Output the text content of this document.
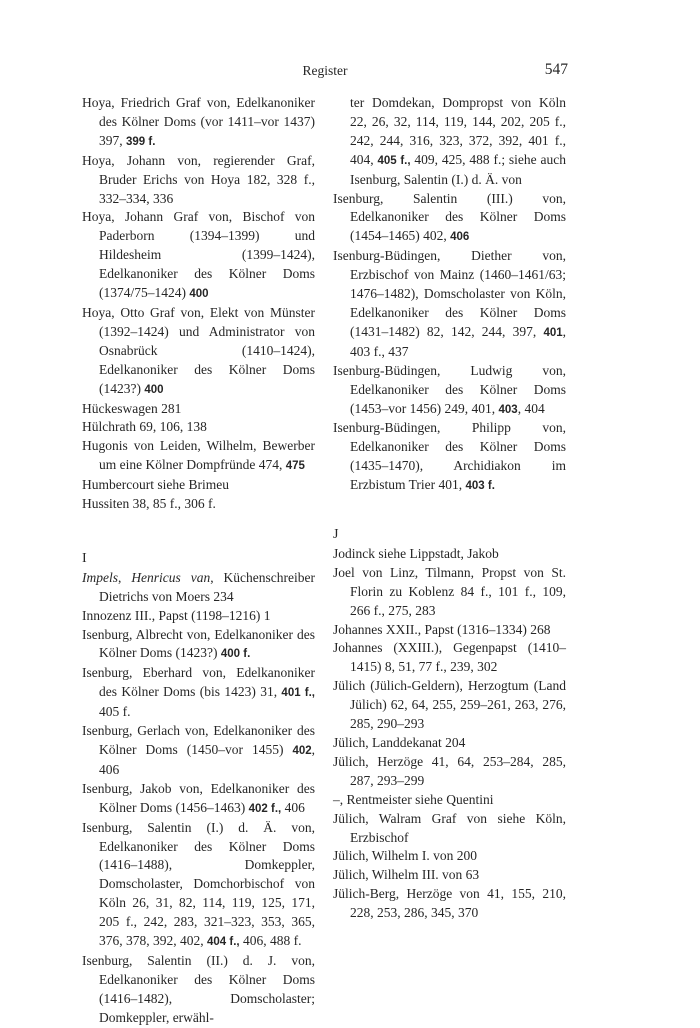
Register	547
Hoya, Friedrich Graf von, Edelkanoniker des Kölner Doms (vor 1411–vor 1437) 397, 399 f.
Hoya, Johann von, regierender Graf, Bruder Erichs von Hoya 182, 328 f., 332–334, 336
Hoya, Johann Graf von, Bischof von Paderborn (1394–1399) und Hildesheim (1399–1424), Edelkanoniker des Kölner Doms (1374/75–1424) 400
Hoya, Otto Graf von, Elekt von Münster (1392–1424) und Administrator von Osnabrück (1410–1424), Edelkanoniker des Kölner Doms (1423?) 400
Hückeswagen 281
Hülchrath 69, 106, 138
Hugonis von Leiden, Wilhelm, Bewerber um eine Kölner Dompfründe 474, 475
Humbercourt siehe Brimeu
Hussiten 38, 85 f., 306 f.
I
Impels, Henricus van, Küchenschreiber Dietrichs von Moers 234
Innozenz III., Papst (1198–1216) 1
Isenburg, Albrecht von, Edelkanoniker des Kölner Doms (1423?) 400 f.
Isenburg, Eberhard von, Edelkanoniker des Kölner Doms (bis 1423) 31, 401 f., 405 f.
Isenburg, Gerlach von, Edelkanoniker des Kölner Doms (1450–vor 1455) 402, 406
Isenburg, Jakob von, Edelkanoniker des Kölner Doms (1456–1463) 402 f., 406
Isenburg, Salentin (I.) d. Ä. von, Edelkanoniker des Kölner Doms (1416–1488), Domkeppler, Domscholaster, Domchorbischof von Köln 26, 31, 82, 114, 119, 125, 171, 205 f., 242, 283, 321–323, 353, 365, 376, 378, 392, 402, 404 f., 406, 488 f.
Isenburg, Salentin (II.) d. J. von, Edelkanoniker des Kölner Doms (1416–1482), Domscholaster; Domkeppler, erwähl-
ter Domdekan, Dompropst von Köln 22, 26, 32, 114, 119, 144, 202, 205 f., 242, 244, 316, 323, 372, 392, 401 f., 404, 405 f., 409, 425, 488 f.; siehe auch Isenburg, Salentin (I.) d. Ä. von
Isenburg, Salentin (III.) von, Edelkanoniker des Kölner Doms (1454–1465) 402, 406
Isenburg-Büdingen, Diether von, Erzbischof von Mainz (1460–1461/63; 1476–1482), Domscholaster von Köln, Edelkanoniker des Kölner Doms (1431–1482) 82, 142, 244, 397, 401, 403 f., 437
Isenburg-Büdingen, Ludwig von, Edelkanoniker des Kölner Doms (1453–vor 1456) 249, 401, 403, 404
Isenburg-Büdingen, Philipp von, Edelkanoniker des Kölner Doms (1435–1470), Archidiakon im Erzbistum Trier 401, 403 f.
J
Jodinck siehe Lippstadt, Jakob
Joel von Linz, Tilmann, Propst von St. Florin zu Koblenz 84 f., 101 f., 109, 266 f., 275, 283
Johannes XXII., Papst (1316–1334) 268
Johannes (XXIII.), Gegenpapst (1410–1415) 8, 51, 77 f., 239, 302
Jülich (Jülich-Geldern), Herzogtum (Land Jülich) 62, 64, 255, 259–261, 263, 276, 285, 290–293
Jülich, Landdekanat 204
Jülich, Herzöge 41, 64, 253–284, 285, 287, 293–299
–, Rentmeister siehe Quentini
Jülich, Walram Graf von siehe Köln, Erzbischof
Jülich, Wilhelm I. von 200
Jülich, Wilhelm III. von 63
Jülich-Berg, Herzöge von 41, 155, 210, 228, 253, 286, 345, 370
